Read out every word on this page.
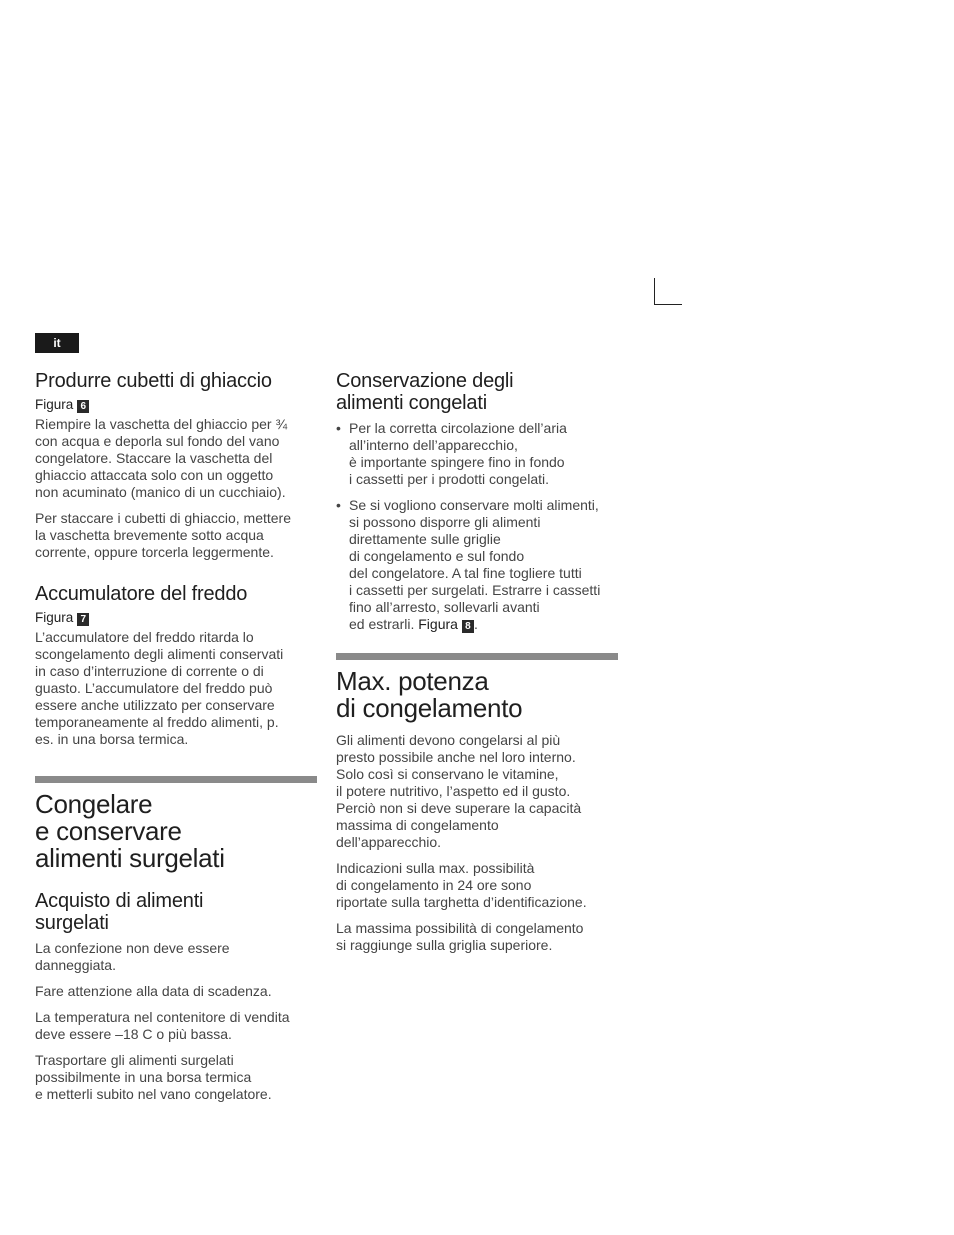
it
Produrre cubetti di ghiaccio
Figura 6

Riempire la vaschetta del ghiaccio per ¾
con acqua e deporla sul fondo del vano
congelatore. Staccare la vaschetta del
ghiaccio attaccata solo con un oggetto
non acuminato (manico di un cucchiaio).

Per staccare i cubetti di ghiaccio, mettere
la vaschetta brevemente sotto acqua
corrente, oppure torcerla leggermente.

Accumulatore del freddo
Figura 7

L’accumulatore del freddo ritarda lo
scongelamento degli alimenti conservati
in caso d’interruzione di corrente o di
guasto. L’accumulatore del freddo può
essere anche utilizzato per conservare
temporaneamente al freddo alimenti, p.
es. in una borsa termica.

Congelare
e conservare
alimenti surgelati
Acquisto di alimenti
surgelati

La confezione non deve essere
danneggiata.

Fare attenzione alla data di scadenza.

La temperatura nel contenitore di vendita
deve essere –18 C o più bassa.

Trasportare gli alimenti surgelati
possibilmente in una borsa termica
e metterli subito nel vano congelatore.

Conservazione degli
alimenti congelati
• Per la corretta circolazione dell’aria
all’interno dell’apparecchio,
è importante spingere fino in fondo
i cassetti per i prodotti congelati.
• Se si vogliono conservare molti alimenti,
si possono disporre gli alimenti
direttamente sulle griglie
di congelamento e sul fondo
del congelatore. A tal fine togliere tutti
i cassetti per surgelati. Estrarre i cassetti
fino all’arresto, sollevarli avanti
ed estrarli. Figura 8 .
Max. potenza
di congelamento

Gli alimenti devono congelarsi al più
presto possibile anche nel loro interno.
Solo così si conservano le vitamine,
il potere nutritivo, l’aspetto ed il gusto.
Perciò non si deve superare la capacità
massima di congelamento
dell’apparecchio.

Indicazioni sulla max. possibilità
di congelamento in 24 ore sono
riportate sulla targhetta d’identificazione.

La massima possibilità di congelamento
si raggiunge sulla griglia superiore.
